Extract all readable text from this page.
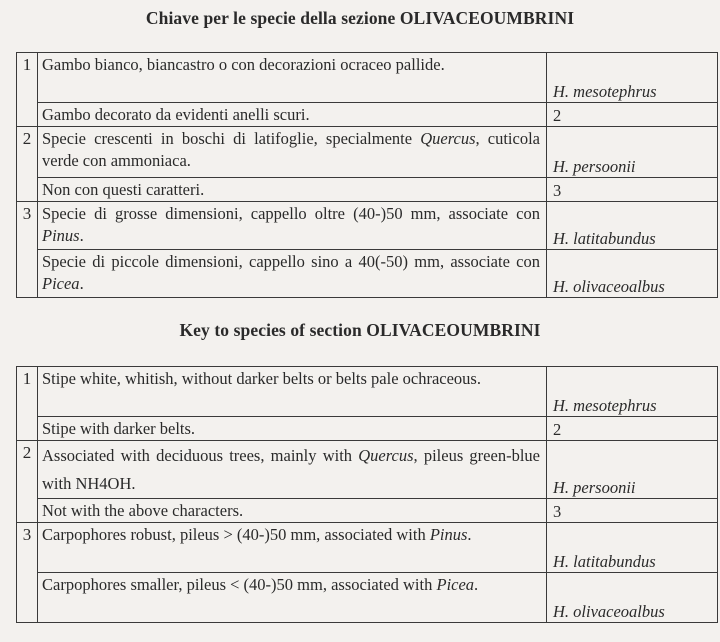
Chiave per le specie della sezione OLIVACEOUMBRINI
1	Gambo bianco, biancastro o con decorazioni ocraceo pallide.	H. mesotephrus
	Gambo decorato da evidenti anelli scuri.	2
2	Specie crescenti in boschi di latifoglie, specialmente Quercus, cuticola verde con ammoniaca.	H. persoonii
	Non con questi caratteri.	3
3	Specie di grosse dimensioni, cappello oltre (40-)50 mm, associate con Pinus.	H. latitabundus
	Specie di piccole dimensioni, cappello sino a 40(-50) mm, associate con Picea.	H. olivaceoalbus
Key to species of section OLIVACEOUMBRINI
1	Stipe white, whitish, without darker belts or belts pale ochraceous.	H. mesotephrus
	Stipe with darker belts.	2
2	Associated with deciduous trees, mainly with Quercus, pileus green-blue with NH4OH.	H. persoonii
	Not with the above characters.	3
3	Carpophores robust, pileus > (40-)50 mm, associated with Pinus.	H. latitabundus
	Carpophores smaller, pileus < (40-)50 mm, associated with Picea.	H. olivaceoalbus
